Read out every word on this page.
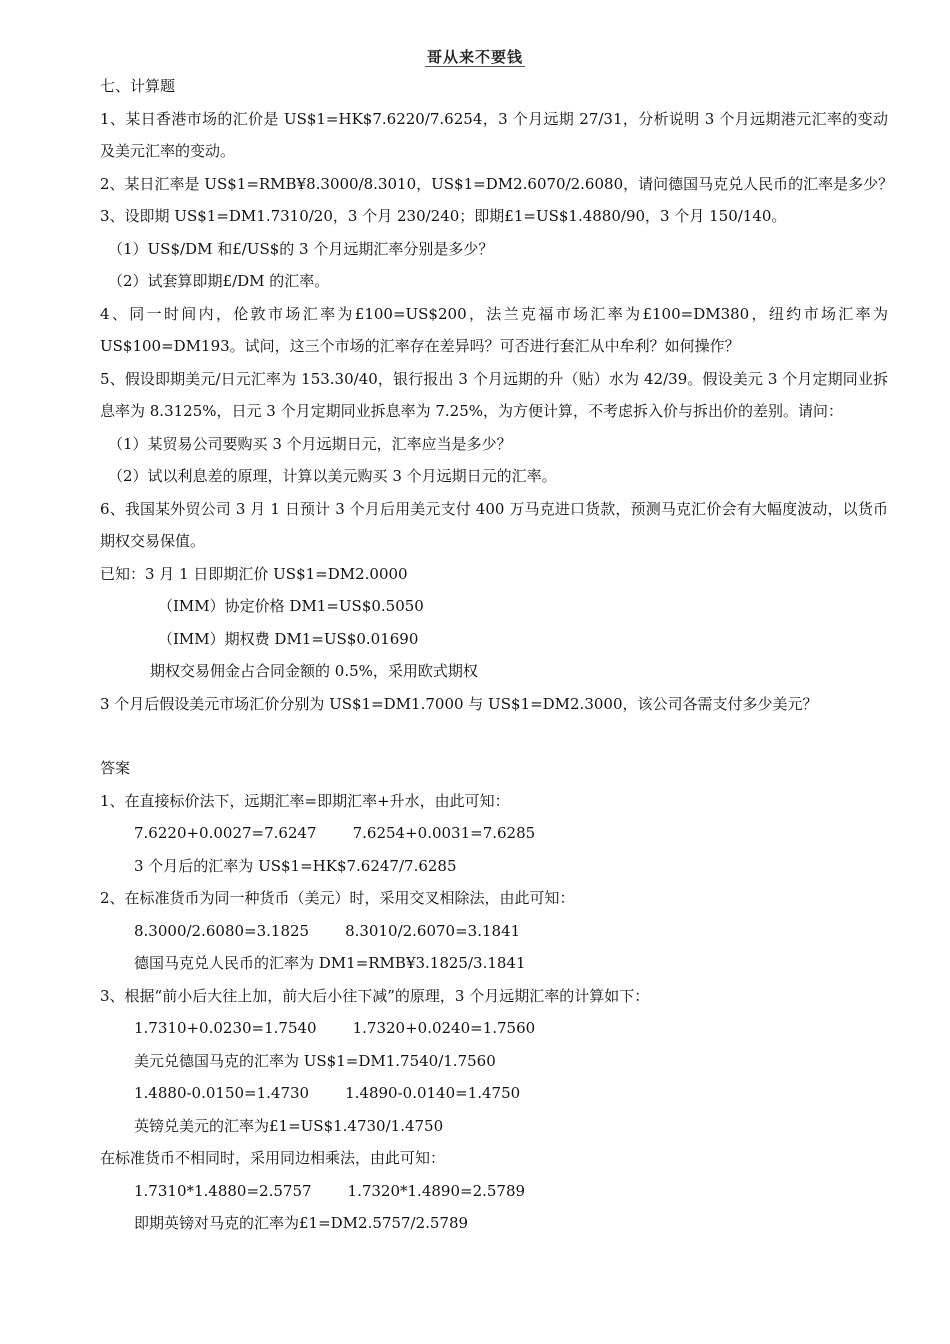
哥从来不要钱

七、计算题

1、某日香港市场的汇价是 US$1=HK$7.6220/7.6254，3 个月远期 27/31，分析说明 3 个月远期港元汇率的变动及美元汇率的变动。

2、某日汇率是 US$1=RMB¥8.3000/8.3010，US$1=DM2.6070/2.6080，请问德国马克兑人民币的汇率是多少？

3、设即期 US$1=DM1.7310/20，3 个月 230/240；即期£1=US$1.4880/90，3 个月 150/140。

（1）US$/DM 和£/US$的 3 个月远期汇率分别是多少？

（2）试套算即期£/DM 的汇率。

4、同一时间内，伦敦市场汇率为£100=US$200，法兰克福市场汇率为£100=DM380，纽约市场汇率为 US$100=DM193。试问，这三个市场的汇率存在差异吗？可否进行套汇从中牟利？如何操作？

5、假设即期美元/日元汇率为 153.30/40，银行报出 3 个月远期的升（贴）水为 42/39。假设美元 3 个月定期同业拆息率为 8.3125%，日元 3 个月定期同业拆息率为 7.25%，为方便计算，不考虑拆入价与拆出价的差别。请问：

（1）某贸易公司要购买 3 个月远期日元，汇率应当是多少？

（2）试以利息差的原理，计算以美元购买 3 个月远期日元的汇率。

6、我国某外贸公司 3 月 1 日预计 3 个月后用美元支付 400 万马克进口货款，预测马克汇价会有大幅度波动，以货币期权交易保值。

已知：3 月 1 日即期汇价 US$1=DM2.0000

（IMM）协定价格 DM1=US$0.5050

（IMM）期权费 DM1=US$0.01690

期权交易佣金占合同金额的 0.5%，采用欧式期权

3 个月后假设美元市场汇价分别为 US$1=DM1.7000 与 US$1=DM2.3000，该公司各需支付多少美元？

答案

1、在直接标价法下，远期汇率=即期汇率+升水，由此可知：

7.6220+0.0027=7.6247 7.6254+0.0031=7.6285

3 个月后的汇率为 US$1=HK$7.6247/7.6285

2、在标准货币为同一种货币（美元）时，采用交叉相除法，由此可知：

8.3000/2.6080=3.1825 8.3010/2.6070=3.1841

德国马克兑人民币的汇率为 DM1=RMB¥3.1825/3.1841

3、根据“前小后大往上加，前大后小往下减”的原理，3 个月远期汇率的计算如下：

1.7310+0.0230=1.7540 1.7320+0.0240=1.7560

美元兑德国马克的汇率为 US$1=DM1.7540/1.7560

1.4880-0.0150=1.4730 1.4890-0.0140=1.4750

英镑兑美元的汇率为£1=US$1.4730/1.4750

在标准货币不相同时，采用同边相乘法，由此可知：

1.7310*1.4880=2.5757 1.7320*1.4890=2.5789

即期英镑对马克的汇率为£1=DM2.5757/2.5789
